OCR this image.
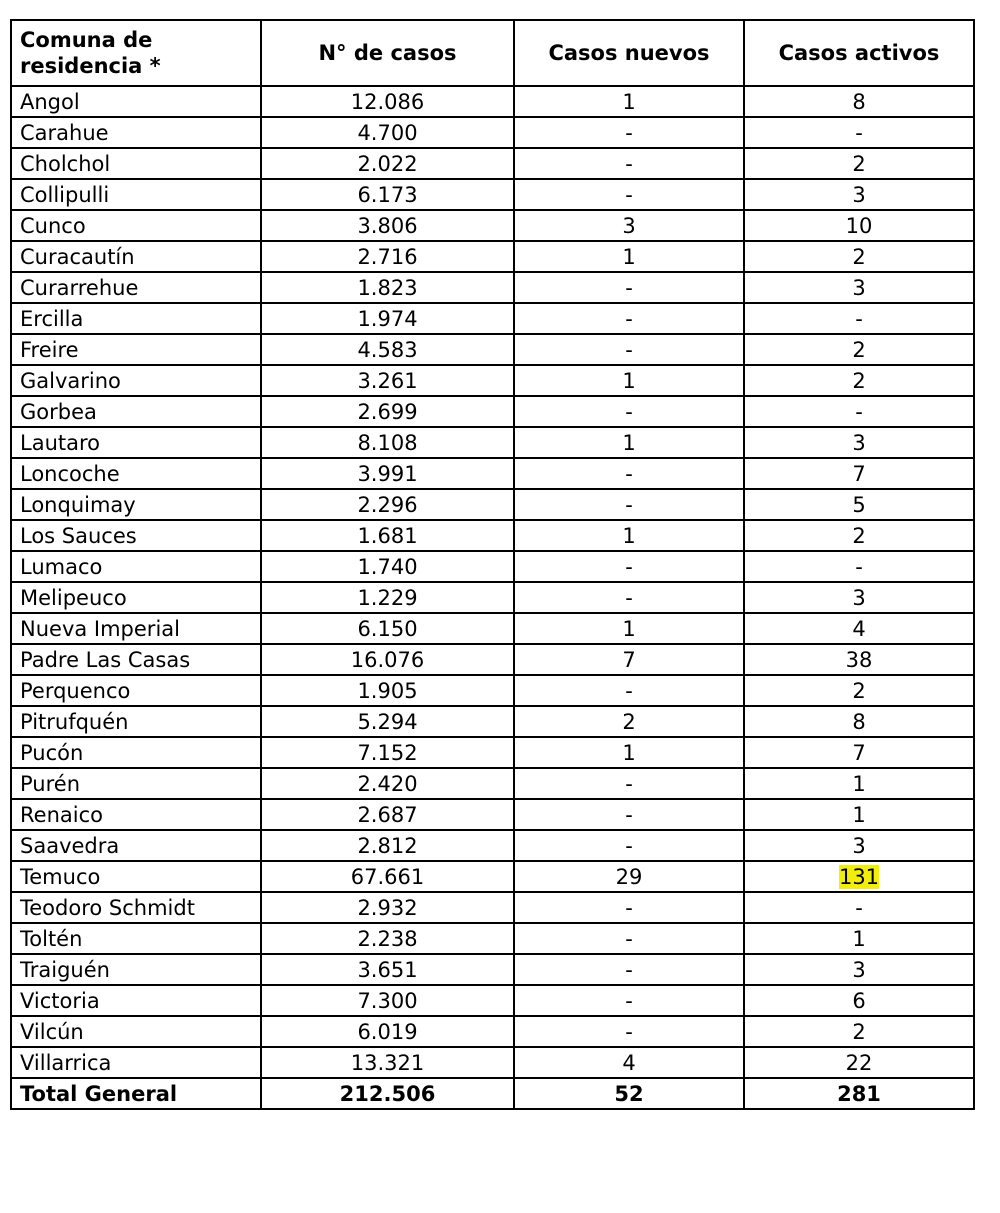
Comuna de residencia *	N° de casos	Casos nuevos	Casos activos
Angol	12.086	1	8
Carahue	4.700	-	-
Cholchol	2.022	-	2
Collipulli	6.173	-	3
Cunco	3.806	3	10
Curacautín	2.716	1	2
Curarrehue	1.823	-	3
Ercilla	1.974	-	-
Freire	4.583	-	2
Galvarino	3.261	1	2
Gorbea	2.699	-	-
Lautaro	8.108	1	3
Loncoche	3.991	-	7
Lonquimay	2.296	-	5
Los Sauces	1.681	1	2
Lumaco	1.740	-	-
Melipeuco	1.229	-	3
Nueva Imperial	6.150	1	4
Padre Las Casas	16.076	7	38
Perquenco	1.905	-	2
Pitrufquén	5.294	2	8
Pucón	7.152	1	7
Purén	2.420	-	1
Renaico	2.687	-	1
Saavedra	2.812	-	3
Temuco	67.661	29	131
Teodoro Schmidt	2.932	-	-
Toltén	2.238	-	1
Traiguén	3.651	-	3
Victoria	7.300	-	6
Vilcún	6.019	-	2
Villarrica	13.321	4	22
Total General	212.506	52	281
